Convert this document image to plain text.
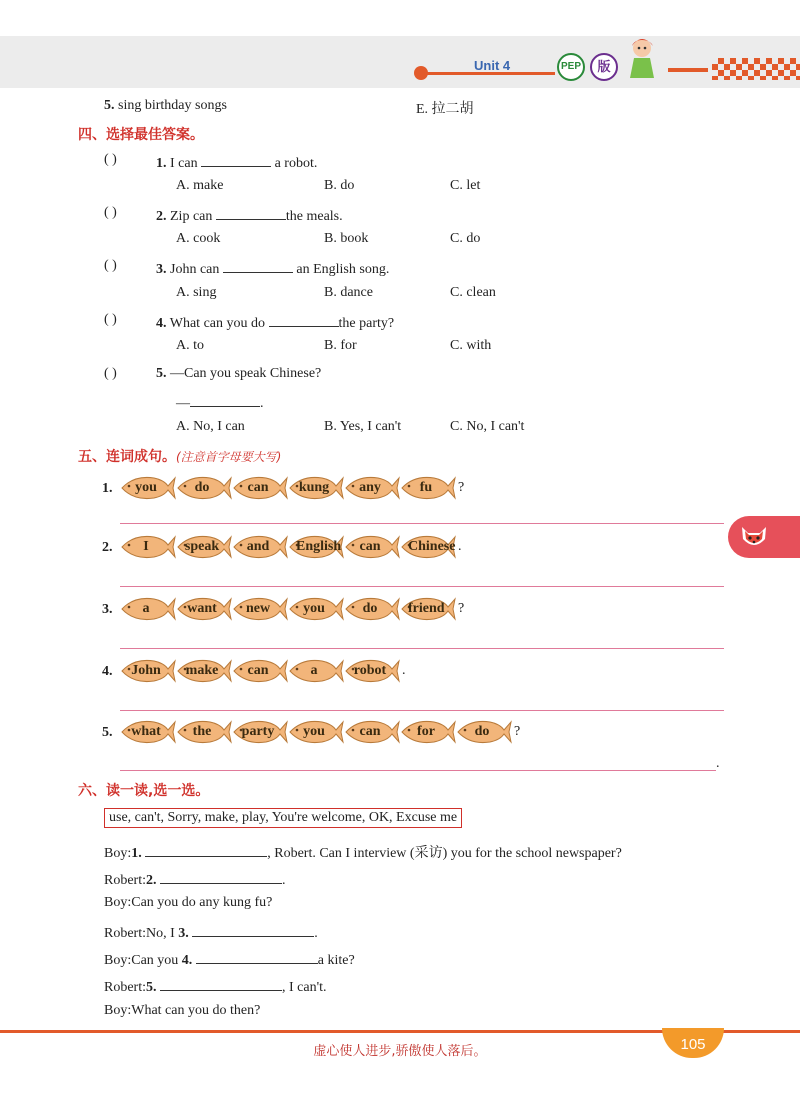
Unit 4	PEP	版
5. sing birthday songs	E. 拉二胡
四、选择最佳答案。
( )	1. I can	a robot.
A. make	B. do	C. let
( )	2. Zip can	the meals.
A. cook	B. book	C. do
( )	3. John can	an English song.
A. sing	B. dance	C. clean
( )	4. What can you do	the party?
A. to	B. for	C. with
( )	5. —Can you speak Chinese?
—	.
A. No, I can	B. Yes, I can't	C. No, I can't
五、连词成句。(注意首字母要大写)
1.	you	do	can	kung	any	fu	?
2.	I	speak	and	English	can	Chinese .
3.	a	want	new	you	do	friend ?
4. John make	can	a	robot .
5. what	the	party	you	can	for	do	?
.
六、读一读,选一选。
use, can't, Sorry, make, play, You're welcome, OK, Excuse me
Boy:1.	, Robert. Can I interview (采访) you for the school newspaper?
Robert:2.	.
Boy:Can you do any kung fu?
Robert:No, I 3.	.
Boy:Can you 4.	a kite?
Robert:5.	, I can't.
Boy:What can you do then?
虚心使人进步,骄傲使人落后。	105
